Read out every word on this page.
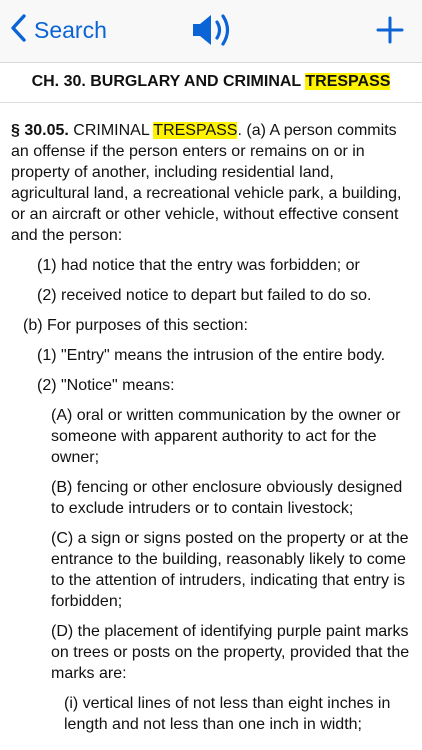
Search
CH. 30. BURGLARY AND CRIMINAL TRESPASS

§ 30.05. CRIMINAL TRESPASS. (a) A person commits an offense if the person enters or remains on or in property of another, including residential land, agricultural land, a recreational vehicle park, a building, or an aircraft or other vehicle, without effective consent and the person:

(1) had notice that the entry was forbidden; or

(2) received notice to depart but failed to do so.

(b) For purposes of this section:

(1) "Entry" means the intrusion of the entire body.

(2) "Notice" means:

(A) oral or written communication by the owner or someone with apparent authority to act for the owner;

(B) fencing or other enclosure obviously designed to exclude intruders or to contain livestock;

(C) a sign or signs posted on the property or at the entrance to the building, reasonably likely to come to the attention of intruders, indicating that entry is forbidden;

(D) the placement of identifying purple paint marks on trees or posts on the property, provided that the marks are:

(i) vertical lines of not less than eight inches in length and not less than one inch in width;
